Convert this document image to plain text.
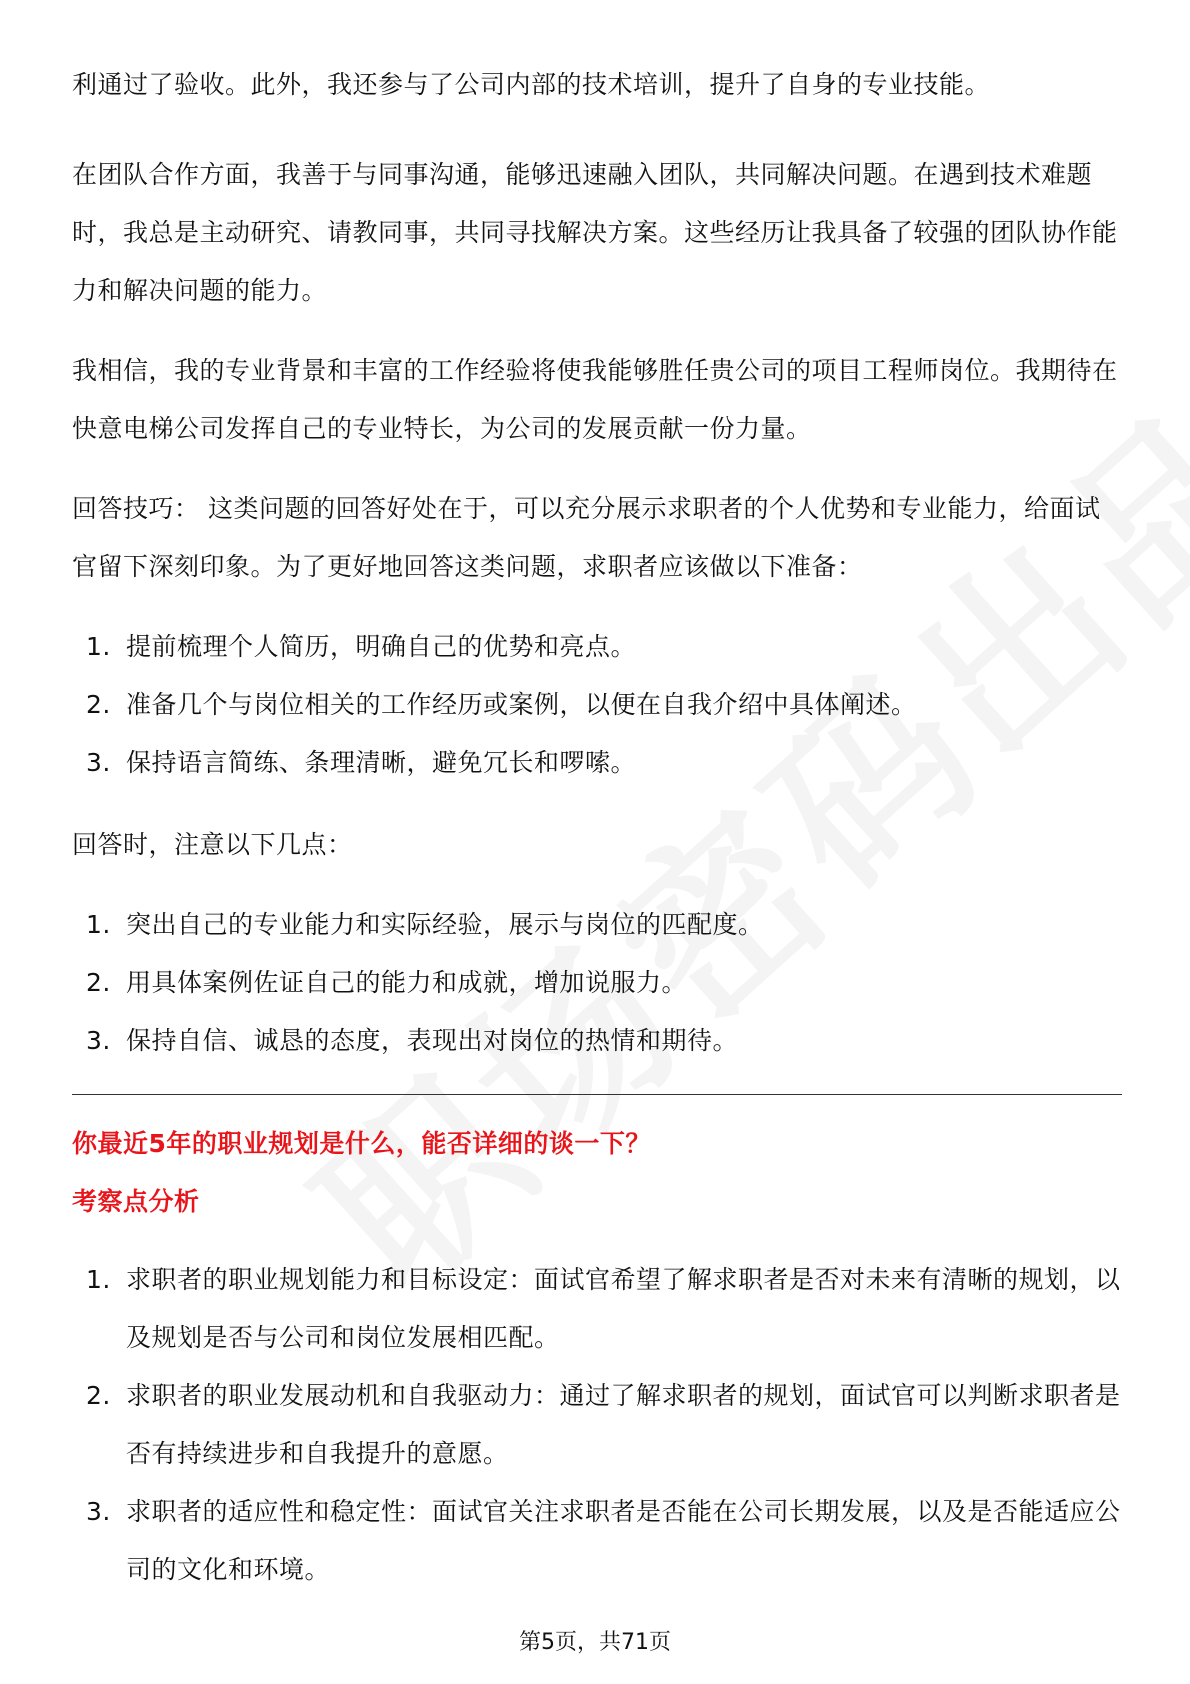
利通过了验收。此外，我还参与了公司内部的技术培训，提升了自身的专业技能。

在团队合作方面，我善于与同事沟通，能够迅速融入团队，共同解决问题。在遇到技术难题时，我总是主动研究、请教同事，共同寻找解决方案。这些经历让我具备了较强的团队协作能力和解决问题的能力。

我相信，我的专业背景和丰富的工作经验将使我能够胜任贵公司的项目工程师岗位。我期待在快意电梯公司发挥自己的专业特长，为公司的发展贡献一份力量。

回答技巧： 这类问题的回答好处在于，可以充分展示求职者的个人优势和专业能力，给面试官留下深刻印象。为了更好地回答这类问题，求职者应该做以下准备：

1. 提前梳理个人简历，明确自己的优势和亮点。
2. 准备几个与岗位相关的工作经历或案例，以便在自我介绍中具体阐述。
3. 保持语言简练、条理清晰，避免冗长和啰嗦。

回答时，注意以下几点：

1. 突出自己的专业能力和实际经验，展示与岗位的匹配度。
2. 用具体案例佐证自己的能力和成就，增加说服力。
3. 保持自信、诚恳的态度，表现出对岗位的热情和期待。

你最近5年的职业规划是什么，能否详细的谈一下？

考察点分析

1. 求职者的职业规划能力和目标设定：面试官希望了解求职者是否对未来有清晰的规划，以及规划是否与公司和岗位发展相匹配。
2. 求职者的职业发展动机和自我驱动力：通过了解求职者的规划，面试官可以判断求职者是否有持续进步和自我提升的意愿。
3. 求职者的适应性和稳定性：面试官关注求职者是否能在公司长期发展，以及是否能适应公司的文化和环境。
第5页，共71页
